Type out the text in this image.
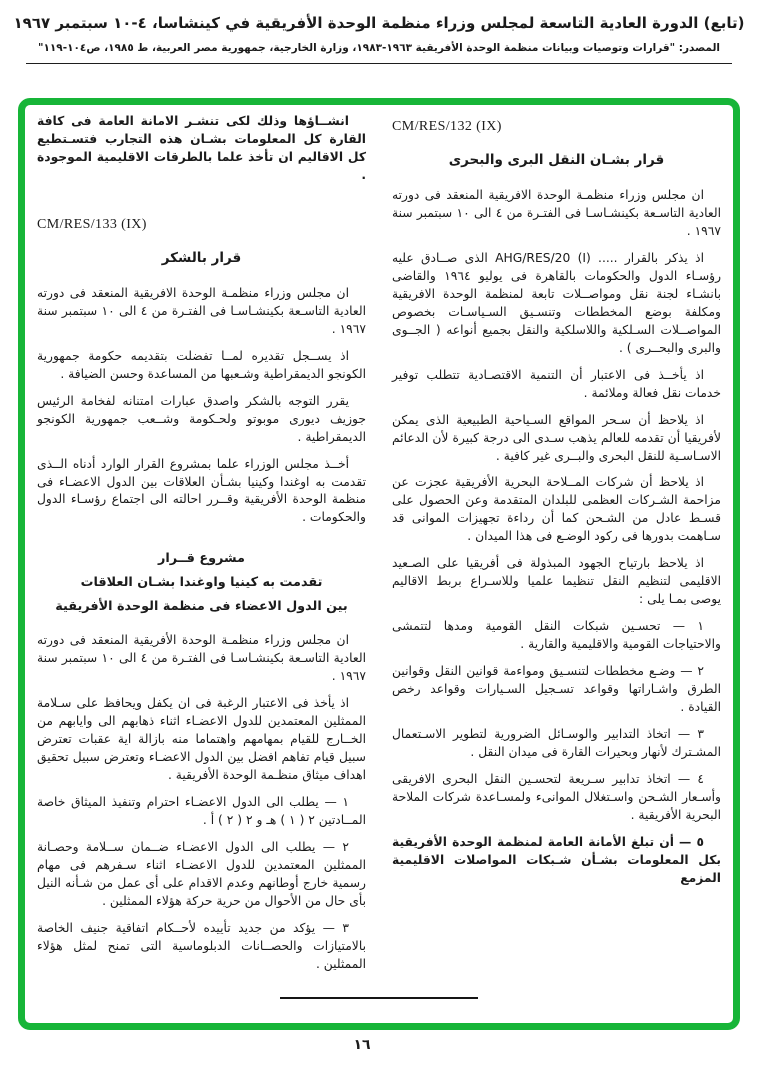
(تابع) الدورة العادية التاسعة لمجلس وزراء منظمة الوحدة الأفريقية في كينشاسا، ٤-١٠ سبتمبر ١٩٦٧
المصدر: "قرارات وتوصيات وبيانات منظمة الوحدة الأفريقية ١٩٦٣-١٩٨٣، وزارة الخارجية، جمهورية مصر العربية، ط ١٩٨٥، ص١٠٤-١١٩"
CM/RES/132 (IX)
قرار بشـان النقل البرى والبحرى

ان مجلس وزراء منظمـة الوحدة الافريقية المنعقد فى دورته العادية التاسـعة بكينشـاسـا فى الفتـرة من ٤ الى ١٠ سبتمبر سنة ١٩٦٧ .

اذ يذكر بالقرار ..... AHG/RES/20 (I) الذى صــادق عليه رؤسـاء الدول والحكومات بالقاهرة فى يوليو ١٩٦٤ والقاضى بانشـاء لجنة نقل ومواصــلات تابعة لمنظمة الوحدة الافريقية ومكلفة بوضع المخططات وتنسـيق السـياسـات بخصوص المواصــلات السـلكية واللاسلكية والنقل بجميع أنواعه ( الجــوى والبرى والبحــرى ) .

اذ يأخــذ فى الاعتبار أن التنمية الاقتصـادية تتطلب توفير خدمات نقل فعالة وملائمة .

اذ يلاحظ أن سـحر المواقع السـياحية الطبيعية الذى يمكن لأفريقيا أن تقدمه للعالم يذهب سـدى الى درجة كبيرة لأن الدعائم الاسـاسـية للنقل البحرى والبــرى غير كافية .

اذ يلاحظ أن شركات المــلاحة البحرية الأفريقية عجزت عن مزاحمة الشـركات العظمى للبلدان المتقدمة وعن الحصول على قسـط عادل من الشـحن كما أن رداءة تجهيزات الموانى قد سـاهمت بدورها فى ركود الوضـع فى هذا الميدان .

اذ يلاحظ بارتياح الجهود المبذولة فى أفريقيا على الصـعيد الاقليمى لتنظيم النقل تنظيما علميا وللاسـراع بربط الاقاليم يوصى بمـا يلى :

١ — تحسـين شبكات النقل القومية ومدها لتتمشى والاحتياجات القومية والاقليمية والقارية .

٢ — وضـع مخططات لتنسـيق ومواءمة قوانين النقل وقوانين الطرق واشـاراتها وقواعد تسـجيل السـيارات وقواعد رخص القيادة .

٣ — اتخاذ التدابير والوسـائل الضرورية لتطوير الاسـتعمال المشـترك لأنهار وبحيرات القارة فى ميدان النقل .

٤ — اتخاذ تدابير سـريعة لتحسـين النقل البحرى الافريقى وأسـعار الشـحن واسـتغلال الموانىء ولمسـاعدة شركات الملاحة البحرية الأفريقية .

٥ — أن تبلغ الأمانة العامة لمنظمة الوحدة الأفريقية بكل المعلومات بشـأن شـبكات المواصلات الاقليمية المزمع

انشــاؤها وذلك لكى تنشـر الامانة العامة فى كافة القارة كل المعلومات بشـان هذه التجارب فتسـتطيع كل الاقاليم ان تأخذ علما بالطرقات الاقليمية الموجودة .

CM/RES/133 (IX)
قرار بالشكر

ان مجلس وزراء منظمـة الوحدة الافريقية المنعقد فى دورته العادية التاسـعة بكينشـاسـا فى الفتـرة من ٤ الى ١٠ سبتمبر سنة ١٩٦٧ .

اذ يســجل تقديره لمــا تفضلت بتقديمه حكومة جمهورية الكونجو الديمقراطية وشـعبها من المساعدة وحسن الضيافة .

يقرر التوجه بالشكر واصدق عبارات امتنانه لفخامة الرئيس جوزيف ديورى موبوتو ولحـكومة وشــعب جمهورية الكونجو الديمقراطية .

أخــذ مجلس الوزراء علما بمشروع القرار الوارد أدناه الــذى تقدمت به اوغندا وكينيا بشـأن العلاقات بين الدول الاعضـاء فى منظمة الوحدة الأفريقية وقــرر احالته الى اجتماع رؤسـاء الدول والحكومات .

مشروع قــرار
تقدمت به كينيا واوغندا بشـان العلاقات
بين الدول الاعضاء فى منظمة الوحدة الأفريقية

ان مجلس وزراء منظمـة الوحدة الأفريقية المنعقد فى دورته العادية التاسـعة بكينشـاسـا فى الفتـرة من ٤ الى ١٠ سبتمبر سنة ١٩٦٧ .

اذ يأخذ فى الاعتبار الرغبة فى ان يكفل ويحافظ على سـلامة الممثلين المعتمدين للدول الاعضـاء اثناء ذهابهم الى وايابهم من الخــارج للقيام بمهامهم واهتماما منه بازالة اية عقبات تعترض سبيل قيام تفاهم افضل بين الدول الاعضـاء وتعترض سبيل تحقيق اهداف ميثاق منظـمة الوحدة الأفريقية .

١ — يطلب الى الدول الاعضـاء احترام وتنفيذ الميثاق خاصة المــادتين ٢ ( ١ ) هـ و ٢ ( ٢ ) أ .

٢ — يطلب الى الدول الاعضـاء ضــمان ســلامة وحصـانة الممثلين المعتمدين للدول الاعضـاء اثناء سـفرهم فى مهام رسمية خارج أوطانهم وعدم الاقدام على أى عمل من شـأنه النيل بأى حال من الأحوال من حرية حركة هؤلاء الممثلين .

٣ — يؤكد من جديد تأييده لأحــكام اتفاقية جنيف الخاصة بالامتيازات والحصــانات الدبلوماسية التى تمنح لمثل هؤلاء الممثلين .

١٦
